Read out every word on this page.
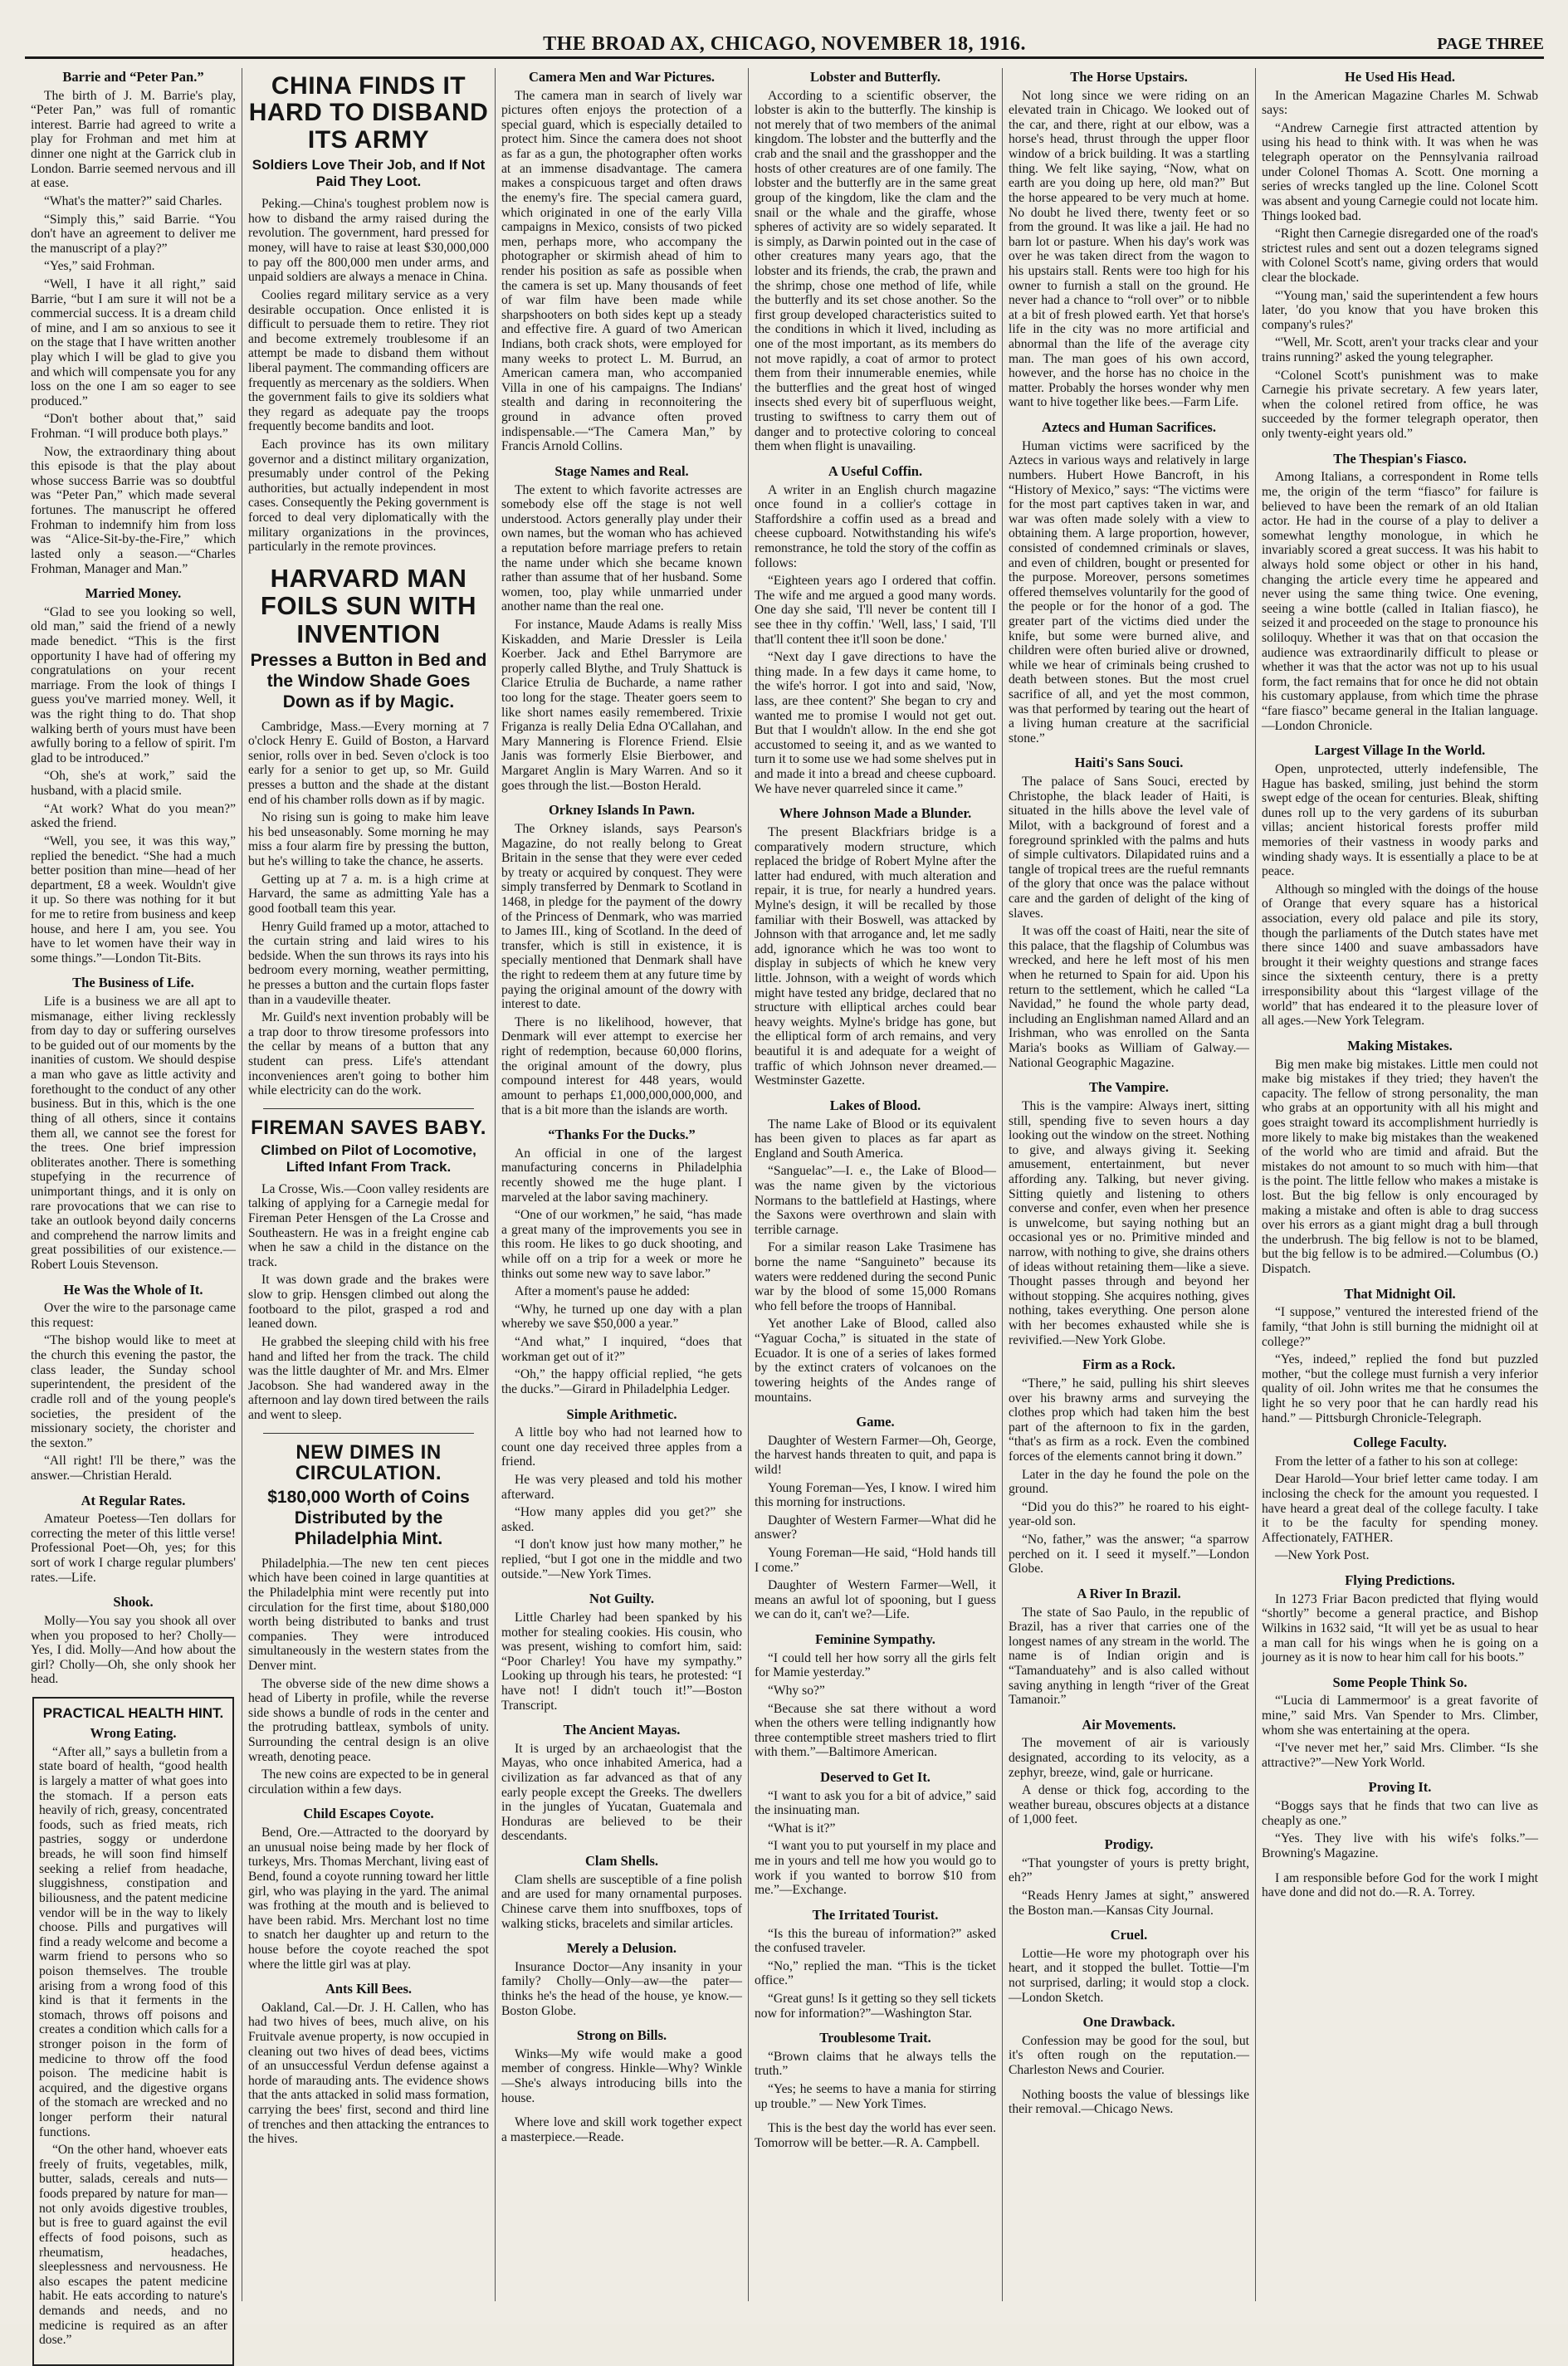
THE BROAD AX, CHICAGO, NOVEMBER 18, 1916.	PAGE THREE
Barrie and “Peter Pan.”
The birth of J. M. Barrie's play, “Peter Pan,” was full of romantic interest. Barrie had agreed to write a play for Frohman and met him at dinner one night at the Garrick club in London. Barrie seemed nervous and ill at ease.
“What's the matter?” said Charles.
“Simply this,” said Barrie. “You don't have an agreement to deliver me the manuscript of a play?”
“Yes,” said Frohman.
“Well, I have it all right,” said Barrie, “but I am sure it will not be a commercial success. It is a dream child of mine, and I am so anxious to see it on the stage that I have written another play which I will be glad to give you and which will compensate you for any loss on the one I am so eager to see produced.”
“Don't bother about that,” said Frohman. “I will produce both plays.”
Now, the extraordinary thing about this episode is that the play about whose success Barrie was so doubtful was “Peter Pan,” which made several fortunes. The manuscript he offered Frohman to indemnify him from loss was “Alice-Sit-by-the-Fire,” which lasted only a season.—“Charles Frohman, Manager and Man.”
Married Money.
“Glad to see you looking so well, old man,” said the friend of a newly made benedict. “This is the first opportunity I have had of offering my congratulations on your recent marriage. From the look of things I guess you've married money. Well, it was the right thing to do. That shop walking berth of yours must have been awfully boring to a fellow of spirit. I'm glad to be introduced.”
“Oh, she's at work,” said the husband, with a placid smile.
“At work? What do you mean?” asked the friend.
“Well, you see, it was this way,” replied the benedict. “She had a much better position than mine—head of her department, £8 a week. Wouldn't give it up. So there was nothing for it but for me to retire from business and keep house, and here I am, you see. You have to let women have their way in some things.”—London Tit-Bits.
The Business of Life.
Life is a business we are all apt to mismanage, either living recklessly from day to day or suffering ourselves to be guided out of our moments by the inanities of custom. We should despise a man who gave as little activity and forethought to the conduct of any other business. But in this, which is the one thing of all others, since it contains them all, we cannot see the forest for the trees. One brief impression obliterates another. There is something stupefying in the recurrence of unimportant things, and it is only on rare provocations that we can rise to take an outlook beyond daily concerns and comprehend the narrow limits and great possibilities of our existence.—Robert Louis Stevenson.
He Was the Whole of It.
Over the wire to the parsonage came this request:
“The bishop would like to meet at the church this evening the pastor, the class leader, the Sunday school superintendent, the president of the cradle roll and of the young people's societies, the president of the missionary society, the chorister and the sexton.”
“All right! I'll be there,” was the answer.—Christian Herald.
At Regular Rates.
Amateur Poetess—Ten dollars for correcting the meter of this little verse! Professional Poet—Oh, yes; for this sort of work I charge regular plumbers' rates.—Life.
Shook.
Molly—You say you shook all over when you proposed to her? Cholly—Yes, I did. Molly—And how about the girl? Cholly—Oh, she only shook her head.
PRACTICAL HEALTH HINT.
Wrong Eating.
“After all,” says a bulletin from a state board of health, “good health is largely a matter of what goes into the stomach. If a person eats heavily of rich, greasy, concentrated foods, such as fried meats, rich pastries, soggy or underdone breads, he will soon find himself seeking a relief from headache, sluggishness, constipation and biliousness, and the patent medicine vendor will be in the way to likely choose. Pills and purgatives will find a ready welcome and become a warm friend to persons who so poison themselves. The trouble arising from a wrong food of this kind is that it ferments in the stomach, throws off poisons and creates a condition which calls for a stronger poison in the form of medicine to throw off the food poison. The medicine habit is acquired, and the digestive organs of the stomach are wrecked and no longer perform their natural functions.
“On the other hand, whoever eats freely of fruits, vegetables, milk, butter, salads, cereals and nuts—foods prepared by nature for man—not only avoids digestive troubles, but is free to guard against the evil effects of food poisons, such as rheumatism, headaches, sleeplessness and nervousness. He also escapes the patent medicine habit. He eats according to nature's demands and needs, and no medicine is required as an after dose.”
CHINA FINDS IT HARD TO DISBAND ITS ARMY
Soldiers Love Their Job, and If Not Paid They Loot.
Peking.—China's toughest problem now is how to disband the army raised during the revolution. The government, hard pressed for money, will have to raise at least $30,000,000 to pay off the 800,000 men under arms, and unpaid soldiers are always a menace in China.
Coolies regard military service as a very desirable occupation. Once enlisted it is difficult to persuade them to retire. They riot and become extremely troublesome if an attempt be made to disband them without liberal payment. The commanding officers are frequently as mercenary as the soldiers. When the government fails to give its soldiers what they regard as adequate pay the troops frequently become bandits and loot.
Each province has its own military governor and a distinct military organization, presumably under control of the Peking authorities, but actually independent in most cases. Consequently the Peking government is forced to deal very diplomatically with the military organizations in the provinces, particularly in the remote provinces.
HARVARD MAN FOILS SUN WITH INVENTION
Presses a Button in Bed and the Window Shade Goes Down as if by Magic.
Cambridge, Mass.—Every morning at 7 o'clock Henry E. Guild of Boston, a Harvard senior, rolls over in bed. Seven o'clock is too early for a senior to get up, so Mr. Guild presses a button and the shade at the distant end of his chamber rolls down as if by magic.
No rising sun is going to make him leave his bed unseasonably. Some morning he may miss a four alarm fire by pressing the button, but he's willing to take the chance, he asserts.
Getting up at 7 a. m. is a high crime at Harvard, the same as admitting Yale has a good football team this year.
Henry Guild framed up a motor, attached to the curtain string and laid wires to his bedside. When the sun throws its rays into his bedroom every morning, weather permitting, he presses a button and the curtain flops faster than in a vaudeville theater.
Mr. Guild's next invention probably will be a trap door to throw tiresome professors into the cellar by means of a button that any student can press. Life's attendant inconveniences aren't going to bother him while electricity can do the work.
FIREMAN SAVES BABY.
Climbed on Pilot of Locomotive, Lifted Infant From Track.
La Crosse, Wis.—Coon valley residents are talking of applying for a Carnegie medal for Fireman Peter Hensgen of the La Crosse and Southeastern. He was in a freight engine cab when he saw a child in the distance on the track.
It was down grade and the brakes were slow to grip. Hensgen climbed out along the footboard to the pilot, grasped a rod and leaned down.
He grabbed the sleeping child with his free hand and lifted her from the track. The child was the little daughter of Mr. and Mrs. Elmer Jacobson. She had wandered away in the afternoon and lay down tired between the rails and went to sleep.
NEW DIMES IN CIRCULATION.
$180,000 Worth of Coins Distributed by the Philadelphia Mint.
Philadelphia.—The new ten cent pieces which have been coined in large quantities at the Philadelphia mint were recently put into circulation for the first time, about $180,000 worth being distributed to banks and trust companies. They were introduced simultaneously in the western states from the Denver mint.
The obverse side of the new dime shows a head of Liberty in profile, while the reverse side shows a bundle of rods in the center and the protruding battleax, symbols of unity. Surrounding the central design is an olive wreath, denoting peace.
The new coins are expected to be in general circulation within a few days.
Child Escapes Coyote.
Bend, Ore.—Attracted to the dooryard by an unusual noise being made by her flock of turkeys, Mrs. Thomas Merchant, living east of Bend, found a coyote running toward her little girl, who was playing in the yard. The animal was frothing at the mouth and is believed to have been rabid. Mrs. Merchant lost no time to snatch her daughter up and return to the house before the coyote reached the spot where the little girl was at play.
Ants Kill Bees.
Oakland, Cal.—Dr. J. H. Callen, who has had two hives of bees, much alive, on his Fruitvale avenue property, is now occupied in cleaning out two hives of dead bees, victims of an unsuccessful Verdun defense against a horde of marauding ants. The evidence shows that the ants attacked in solid mass formation, carrying the bees' first, second and third line of trenches and then attacking the entrances to the hives.
Camera Men and War Pictures.
The camera man in search of lively war pictures often enjoys the protection of a special guard, which is especially detailed to protect him. Since the camera does not shoot as far as a gun, the photographer often works at an immense disadvantage. The camera makes a conspicuous target and often draws the enemy's fire. The special camera guard, which originated in one of the early Villa campaigns in Mexico, consists of two picked men, perhaps more, who accompany the photographer or skirmish ahead of him to render his position as safe as possible when the camera is set up. Many thousands of feet of war film have been made while sharpshooters on both sides kept up a steady and effective fire. A guard of two American Indians, both crack shots, were employed for many weeks to protect L. M. Burrud, an American camera man, who accompanied Villa in one of his campaigns. The Indians' stealth and daring in reconnoitering the ground in advance often proved indispensable.—“The Camera Man,” by Francis Arnold Collins.
Stage Names and Real.
The extent to which favorite actresses are somebody else off the stage is not well understood. Actors generally play under their own names, but the woman who has achieved a reputation before marriage prefers to retain the name under which she became known rather than assume that of her husband. Some women, too, play while unmarried under another name than the real one.
For instance, Maude Adams is really Miss Kiskadden, and Marie Dressler is Leila Koerber. Jack and Ethel Barrymore are properly called Blythe, and Truly Shattuck is Clarice Etrulia de Bucharde, a name rather too long for the stage. Theater goers seem to like short names easily remembered. Trixie Friganza is really Delia Edna O'Callahan, and Mary Mannering is Florence Friend. Elsie Janis was formerly Elsie Bierbower, and Margaret Anglin is Mary Warren. And so it goes through the list.—Boston Herald.
Orkney Islands In Pawn.
The Orkney islands, says Pearson's Magazine, do not really belong to Great Britain in the sense that they were ever ceded by treaty or acquired by conquest. They were simply transferred by Denmark to Scotland in 1468, in pledge for the payment of the dowry of the Princess of Denmark, who was married to James III., king of Scotland. In the deed of transfer, which is still in existence, it is specially mentioned that Denmark shall have the right to redeem them at any future time by paying the original amount of the dowry with interest to date.
There is no likelihood, however, that Denmark will ever attempt to exercise her right of redemption, because 60,000 florins, the original amount of the dowry, plus compound interest for 448 years, would amount to perhaps £1,000,000,000,000, and that is a bit more than the islands are worth.
“Thanks For the Ducks.”
An official in one of the largest manufacturing concerns in Philadelphia recently showed me the huge plant. I marveled at the labor saving machinery.
“One of our workmen,” he said, “has made a great many of the improvements you see in this room. He likes to go duck shooting, and while off on a trip for a week or more he thinks out some new way to save labor.”
After a moment's pause he added:
“Why, he turned up one day with a plan whereby we save $50,000 a year.”
“And what,” I inquired, “does that workman get out of it?”
“Oh,” the happy official replied, “he gets the ducks.”—Girard in Philadelphia Ledger.
Simple Arithmetic.
A little boy who had not learned how to count one day received three apples from a friend.
He was very pleased and told his mother afterward.
“How many apples did you get?” she asked.
“I don't know just how many mother,” he replied, “but I got one in the middle and two outside.”—New York Times.
Not Guilty.
Little Charley had been spanked by his mother for stealing cookies. His cousin, who was present, wishing to comfort him, said: “Poor Charley! You have my sympathy.” Looking up through his tears, he protested: “I have not! I didn't touch it!”—Boston Transcript.
The Ancient Mayas.
It is urged by an archaeologist that the Mayas, who once inhabited America, had a civilization as far advanced as that of any early people except the Greeks. The dwellers in the jungles of Yucatan, Guatemala and Honduras are believed to be their descendants.
Clam Shells.
Clam shells are susceptible of a fine polish and are used for many ornamental purposes. Chinese carve them into snuffboxes, tops of walking sticks, bracelets and similar articles.
Merely a Delusion.
Insurance Doctor—Any insanity in your family? Cholly—Only—aw—the pater—thinks he's the head of the house, ye know.—Boston Globe.
Strong on Bills.
Winks—My wife would make a good member of congress. Hinkle—Why? Winkle—She's always introducing bills into the house.
Where love and skill work together expect a masterpiece.—Reade.
Lobster and Butterfly.
According to a scientific observer, the lobster is akin to the butterfly. The kinship is not merely that of two members of the animal kingdom. The lobster and the butterfly and the crab and the snail and the grasshopper and the hosts of other creatures are of one family. The lobster and the butterfly are in the same great group of the kingdom, like the clam and the snail or the whale and the giraffe, whose spheres of activity are so widely separated. It is simply, as Darwin pointed out in the case of other creatures many years ago, that the lobster and its friends, the crab, the prawn and the shrimp, chose one method of life, while the butterfly and its set chose another. So the first group developed characteristics suited to the conditions in which it lived, including as one of the most important, as its members do not move rapidly, a coat of armor to protect them from their innumerable enemies, while the butterflies and the great host of winged insects shed every bit of superfluous weight, trusting to swiftness to carry them out of danger and to protective coloring to conceal them when flight is unavailing.
A Useful Coffin.
A writer in an English church magazine once found in a collier's cottage in Staffordshire a coffin used as a bread and cheese cupboard. Notwithstanding his wife's remonstrance, he told the story of the coffin as follows:
“Eighteen years ago I ordered that coffin. The wife and me argued a good many words. One day she said, 'I'll never be content till I see thee in thy coffin.' 'Well, lass,' I said, 'I'll that'll content thee it'll soon be done.'
“Next day I gave directions to have the thing made. In a few days it came home, to the wife's horror. I got into and said, 'Now, lass, are thee content?' She began to cry and wanted me to promise I would not get out. But that I wouldn't allow. In the end she got accustomed to seeing it, and as we wanted to turn it to some use we had some shelves put in and made it into a bread and cheese cupboard. We have never quarreled since it came.”
Where Johnson Made a Blunder.
The present Blackfriars bridge is a comparatively modern structure, which replaced the bridge of Robert Mylne after the latter had endured, with much alteration and repair, it is true, for nearly a hundred years. Mylne's design, it will be recalled by those familiar with their Boswell, was attacked by Johnson with that arrogance and, let me sadly add, ignorance which he was too wont to display in subjects of which he knew very little. Johnson, with a weight of words which might have tested any bridge, declared that no structure with elliptical arches could bear heavy weights. Mylne's bridge has gone, but the elliptical form of arch remains, and very beautiful it is and adequate for a weight of traffic of which Johnson never dreamed.—Westminster Gazette.
Lakes of Blood.
The name Lake of Blood or its equivalent has been given to places as far apart as England and South America.
“Sanguelac”—I. e., the Lake of Blood—was the name given by the victorious Normans to the battlefield at Hastings, where the Saxons were overthrown and slain with terrible carnage.
For a similar reason Lake Trasimene has borne the name “Sanguineto” because its waters were reddened during the second Punic war by the blood of some 15,000 Romans who fell before the troops of Hannibal.
Yet another Lake of Blood, called also “Yaguar Cocha,” is situated in the state of Ecuador. It is one of a series of lakes formed by the extinct craters of volcanoes on the towering heights of the Andes range of mountains.
Game.
Daughter of Western Farmer—Oh, George, the harvest hands threaten to quit, and papa is wild!
Young Foreman—Yes, I know. I wired him this morning for instructions.
Daughter of Western Farmer—What did he answer?
Young Foreman—He said, “Hold hands till I come.”
Daughter of Western Farmer—Well, it means an awful lot of spooning, but I guess we can do it, can't we?—Life.
Feminine Sympathy.
“I could tell her how sorry all the girls felt for Mamie yesterday.”
“Why so?”
“Because she sat there without a word when the others were telling indignantly how three contemptible street mashers tried to flirt with them.”—Baltimore American.
Deserved to Get It.
“I want to ask you for a bit of advice,” said the insinuating man.
“What is it?”
“I want you to put yourself in my place and me in yours and tell me how you would go to work if you wanted to borrow $10 from me.”—Exchange.
The Irritated Tourist.
“Is this the bureau of information?” asked the confused traveler.
“No,” replied the man. “This is the ticket office.”
“Great guns! Is it getting so they sell tickets now for information?”—Washington Star.
Troublesome Trait.
“Brown claims that he always tells the truth.”
“Yes; he seems to have a mania for stirring up trouble.” — New York Times.
This is the best day the world has ever seen. Tomorrow will be better.—R. A. Campbell.
The Horse Upstairs.
Not long since we were riding on an elevated train in Chicago. We looked out of the car, and there, right at our elbow, was a horse's head, thrust through the upper floor window of a brick building. It was a startling thing. We felt like saying, “Now, what on earth are you doing up here, old man?” But the horse appeared to be very much at home. No doubt he lived there, twenty feet or so from the ground. It was like a jail. He had no barn lot or pasture. When his day's work was over he was taken direct from the wagon to his upstairs stall. Rents were too high for his owner to furnish a stall on the ground. He never had a chance to “roll over” or to nibble at a bit of fresh plowed earth. Yet that horse's life in the city was no more artificial and abnormal than the life of the average city man. The man goes of his own accord, however, and the horse has no choice in the matter. Probably the horses wonder why men want to hive together like bees.—Farm Life.
Aztecs and Human Sacrifices.
Human victims were sacrificed by the Aztecs in various ways and relatively in large numbers. Hubert Howe Bancroft, in his “History of Mexico,” says: “The victims were for the most part captives taken in war, and war was often made solely with a view to obtaining them. A large proportion, however, consisted of condemned criminals or slaves, and even of children, bought or presented for the purpose. Moreover, persons sometimes offered themselves voluntarily for the good of the people or for the honor of a god. The greater part of the victims died under the knife, but some were burned alive, and children were often buried alive or drowned, while we hear of criminals being crushed to death between stones. But the most cruel sacrifice of all, and yet the most common, was that performed by tearing out the heart of a living human creature at the sacrificial stone.”
Haiti's Sans Souci.
The palace of Sans Souci, erected by Christophe, the black leader of Haiti, is situated in the hills above the level vale of Milot, with a background of forest and a foreground sprinkled with the palms and huts of simple cultivators. Dilapidated ruins and a tangle of tropical trees are the rueful remnants of the glory that once was the palace without care and the garden of delight of the king of slaves.
It was off the coast of Haiti, near the site of this palace, that the flagship of Columbus was wrecked, and here he left most of his men when he returned to Spain for aid. Upon his return to the settlement, which he called “La Navidad,” he found the whole party dead, including an Englishman named Allard and an Irishman, who was enrolled on the Santa Maria's books as William of Galway.—National Geographic Magazine.
The Vampire.
This is the vampire: Always inert, sitting still, spending five to seven hours a day looking out the window on the street. Nothing to give, and always giving it. Seeking amusement, entertainment, but never affording any. Talking, but never giving. Sitting quietly and listening to others converse and confer, even when her presence is unwelcome, but saying nothing but an occasional yes or no. Primitive minded and narrow, with nothing to give, she drains others of ideas without retaining them—like a sieve. Thought passes through and beyond her without stopping. She acquires nothing, gives nothing, takes everything. One person alone with her becomes exhausted while she is revivified.—New York Globe.
Firm as a Rock.
“There,” he said, pulling his shirt sleeves over his brawny arms and surveying the clothes prop which had taken him the best part of the afternoon to fix in the garden, “that's as firm as a rock. Even the combined forces of the elements cannot bring it down.”
Later in the day he found the pole on the ground.
“Did you do this?” he roared to his eight-year-old son.
“No, father,” was the answer; “a sparrow perched on it. I seed it myself.”—London Globe.
A River In Brazil.
The state of Sao Paulo, in the republic of Brazil, has a river that carries one of the longest names of any stream in the world. The name is of Indian origin and is “Tamanduatehy” and is also called without saving anything in length “river of the Great Tamanoir.”
Air Movements.
The movement of air is variously designated, according to its velocity, as a zephyr, breeze, wind, gale or hurricane.
A dense or thick fog, according to the weather bureau, obscures objects at a distance of 1,000 feet.
Prodigy.
“That youngster of yours is pretty bright, eh?”
“Reads Henry James at sight,” answered the Boston man.—Kansas City Journal.
Cruel.
Lottie—He wore my photograph over his heart, and it stopped the bullet. Tottie—I'm not surprised, darling; it would stop a clock.—London Sketch.
One Drawback.
Confession may be good for the soul, but it's often rough on the reputation.—Charleston News and Courier.
Nothing boosts the value of blessings like their removal.—Chicago News.
He Used His Head.
In the American Magazine Charles M. Schwab says:
“Andrew Carnegie first attracted attention by using his head to think with. It was when he was telegraph operator on the Pennsylvania railroad under Colonel Thomas A. Scott. One morning a series of wrecks tangled up the line. Colonel Scott was absent and young Carnegie could not locate him. Things looked bad.
“Right then Carnegie disregarded one of the road's strictest rules and sent out a dozen telegrams signed with Colonel Scott's name, giving orders that would clear the blockade.
“'Young man,' said the superintendent a few hours later, 'do you know that you have broken this company's rules?'
“'Well, Mr. Scott, aren't your tracks clear and your trains running?' asked the young telegrapher.
“Colonel Scott's punishment was to make Carnegie his private secretary. A few years later, when the colonel retired from office, he was succeeded by the former telegraph operator, then only twenty-eight years old.”
The Thespian's Fiasco.
Among Italians, a correspondent in Rome tells me, the origin of the term “fiasco” for failure is believed to have been the remark of an old Italian actor. He had in the course of a play to deliver a somewhat lengthy monologue, in which he invariably scored a great success. It was his habit to always hold some object or other in his hand, changing the article every time he appeared and never using the same thing twice. One evening, seeing a wine bottle (called in Italian fiasco), he seized it and proceeded on the stage to pronounce his soliloquy. Whether it was that on that occasion the audience was extraordinarily difficult to please or whether it was that the actor was not up to his usual form, the fact remains that for once he did not obtain his customary applause, from which time the phrase “fare fiasco” became general in the Italian language.—London Chronicle.
Largest Village In the World.
Open, unprotected, utterly indefensible, The Hague has basked, smiling, just behind the storm swept edge of the ocean for centuries. Bleak, shifting dunes roll up to the very gardens of its suburban villas; ancient historical forests proffer mild memories of their vastness in woody parks and winding shady ways. It is essentially a place to be at peace.
Although so mingled with the doings of the house of Orange that every square has a historical association, every old palace and pile its story, though the parliaments of the Dutch states have met there since 1400 and suave ambassadors have brought it their weighty questions and strange faces since the sixteenth century, there is a pretty irresponsibility about this “largest village of the world” that has endeared it to the pleasure lover of all ages.—New York Telegram.
Making Mistakes.
Big men make big mistakes. Little men could not make big mistakes if they tried; they haven't the capacity. The fellow of strong personality, the man who grabs at an opportunity with all his might and goes straight toward its accomplishment hurriedly is more likely to make big mistakes than the weakened of the world who are timid and afraid. But the mistakes do not amount to so much with him—that is the point. The little fellow who makes a mistake is lost. But the big fellow is only encouraged by making a mistake and often is able to drag success over his errors as a giant might drag a bull through the underbrush. The big fellow is not to be blamed, but the big fellow is to be admired.—Columbus (O.) Dispatch.
That Midnight Oil.
“I suppose,” ventured the interested friend of the family, “that John is still burning the midnight oil at college?”
“Yes, indeed,” replied the fond but puzzled mother, “but the college must furnish a very inferior quality of oil. John writes me that he consumes the light he so very poor that he can hardly read his hand.” — Pittsburgh Chronicle-Telegraph.
College Faculty.
From the letter of a father to his son at college:
Dear Harold—Your brief letter came today. I am inclosing the check for the amount you requested. I have heard a great deal of the college faculty. I take it to be the faculty for spending money. Affectionately, FATHER.
—New York Post.
Flying Predictions.
In 1273 Friar Bacon predicted that flying would “shortly” become a general practice, and Bishop Wilkins in 1632 said, “It will yet be as usual to hear a man call for his wings when he is going on a journey as it is now to hear him call for his boots.”
Some People Think So.
“'Lucia di Lammermoor' is a great favorite of mine,” said Mrs. Van Spender to Mrs. Climber, whom she was entertaining at the opera.
“I've never met her,” said Mrs. Climber. “Is she attractive?”—New York World.
Proving It.
“Boggs says that he finds that two can live as cheaply as one.”
“Yes. They live with his wife's folks.”—Browning's Magazine.
I am responsible before God for the work I might have done and did not do.—R. A. Torrey.
